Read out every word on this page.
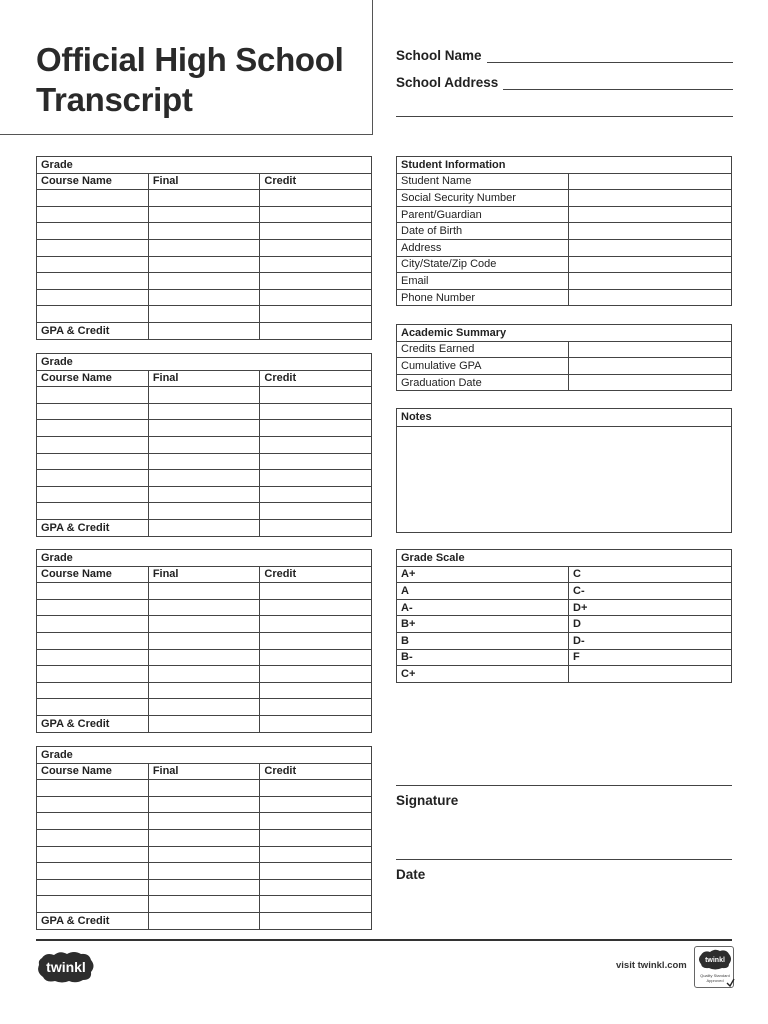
Official High School
Transcript
School Name
School Address
Grade		
Course Name	Final	Credit

GPA & Credit		
Grade		
Course Name	Final	Credit

GPA & Credit		
Grade		
Course Name	Final	Credit

GPA & Credit		
Grade		
Course Name	Final	Credit

GPA & Credit		
Student Information	
Student Name	
Social Security Number	
Parent/Guardian	
Date of Birth	
Address	
City/State/Zip Code	
Email	
Phone Number	
Academic Summary	
Credits Earned	
Cumulative GPA	
Graduation Date	
Notes
Grade Scale	
A+	C
A	C-
A-	D+
B+	D
B	D-
B-	F
C+	
Signature
Date
twinkl	visit twinkl.com	twinkl
Quality Standard
Approved
